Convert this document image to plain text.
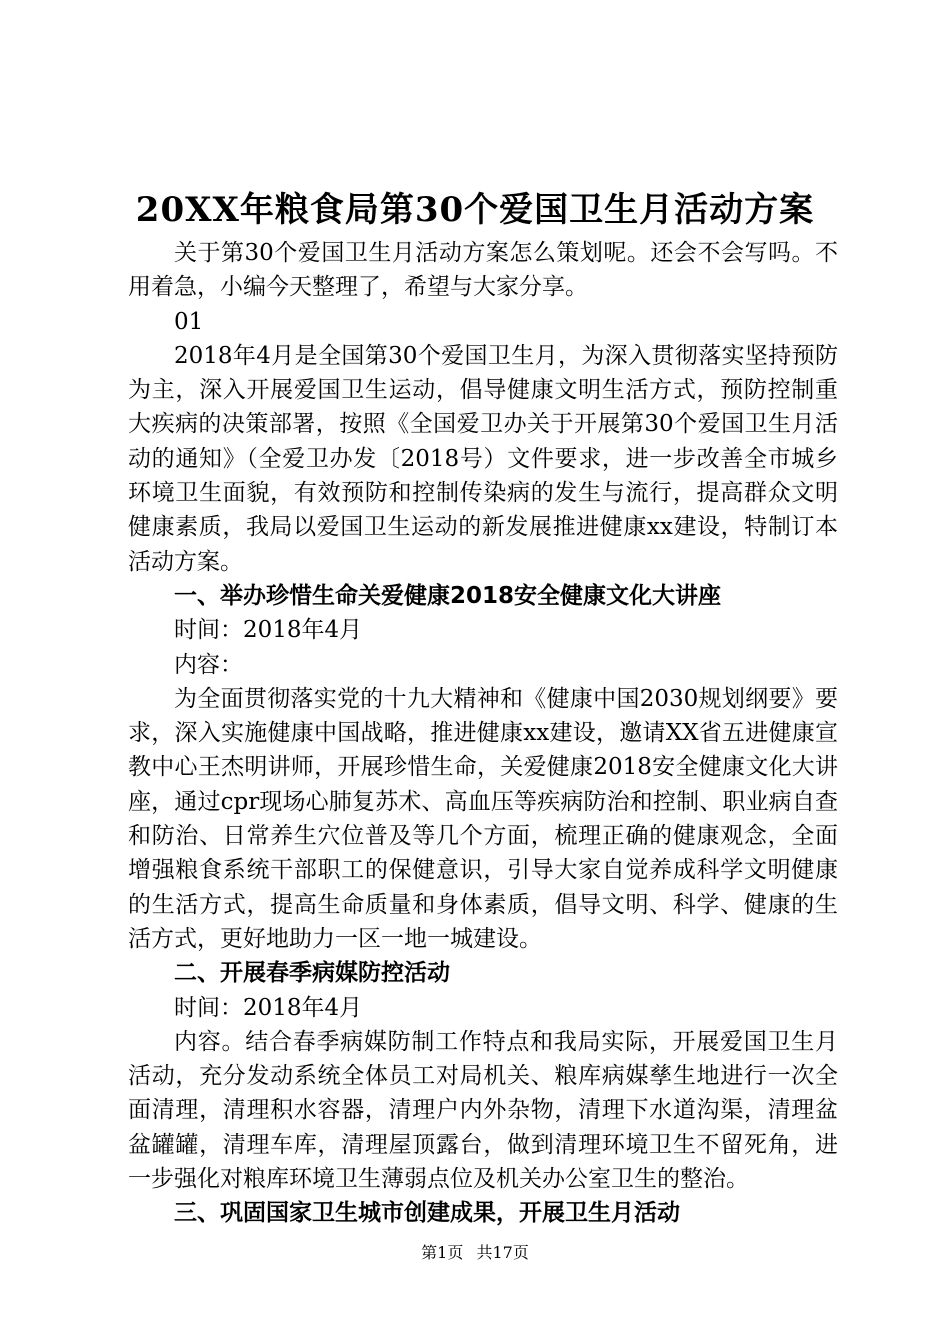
20XX年粮食局第30个爱国卫生月活动方案

关于第30个爱国卫生月活动方案怎么策划呢。还会不会写吗。不用着急，小编今天整理了，希望与大家分享。

01

2018年4月是全国第30个爱国卫生月，为深入贯彻落实坚持预防为主，深入开展爱国卫生运动，倡导健康文明生活方式，预防控制重大疾病的决策部署，按照《全国爱卫办关于开展第30个爱国卫生月活动的通知》（全爱卫办发〔2018号）文件要求，进一步改善全市城乡环境卫生面貌，有效预防和控制传染病的发生与流行，提高群众文明健康素质，我局以爱国卫生运动的新发展推进健康xx建设，特制订本活动方案。

一、举办珍惜生命关爱健康2018安全健康文化大讲座

时间：2018年4月

内容：

为全面贯彻落实党的十九大精神和《健康中国2030规划纲要》要求，深入实施健康中国战略，推进健康xx建设，邀请XX省五进健康宣教中心王杰明讲师，开展珍惜生命，关爱健康2018安全健康文化大讲座，通过cpr现场心肺复苏术、高血压等疾病防治和控制、职业病自查和防治、日常养生穴位普及等几个方面，梳理正确的健康观念，全面增强粮食系统干部职工的保健意识，引导大家自觉养成科学文明健康的生活方式，提高生命质量和身体素质，倡导文明、科学、健康的生活方式，更好地助力一区一地一城建设。

二、开展春季病媒防控活动

时间：2018年4月

内容。结合春季病媒防制工作特点和我局实际，开展爱国卫生月活动，充分发动系统全体员工对局机关、粮库病媒孳生地进行一次全面清理，清理积水容器，清理户内外杂物，清理下水道沟渠，清理盆盆罐罐，清理车库，清理屋顶露台，做到清理环境卫生不留死角，进一步强化对粮库环境卫生薄弱点位及机关办公室卫生的整治。

三、巩固国家卫生城市创建成果，开展卫生月活动
第1页 共17页
